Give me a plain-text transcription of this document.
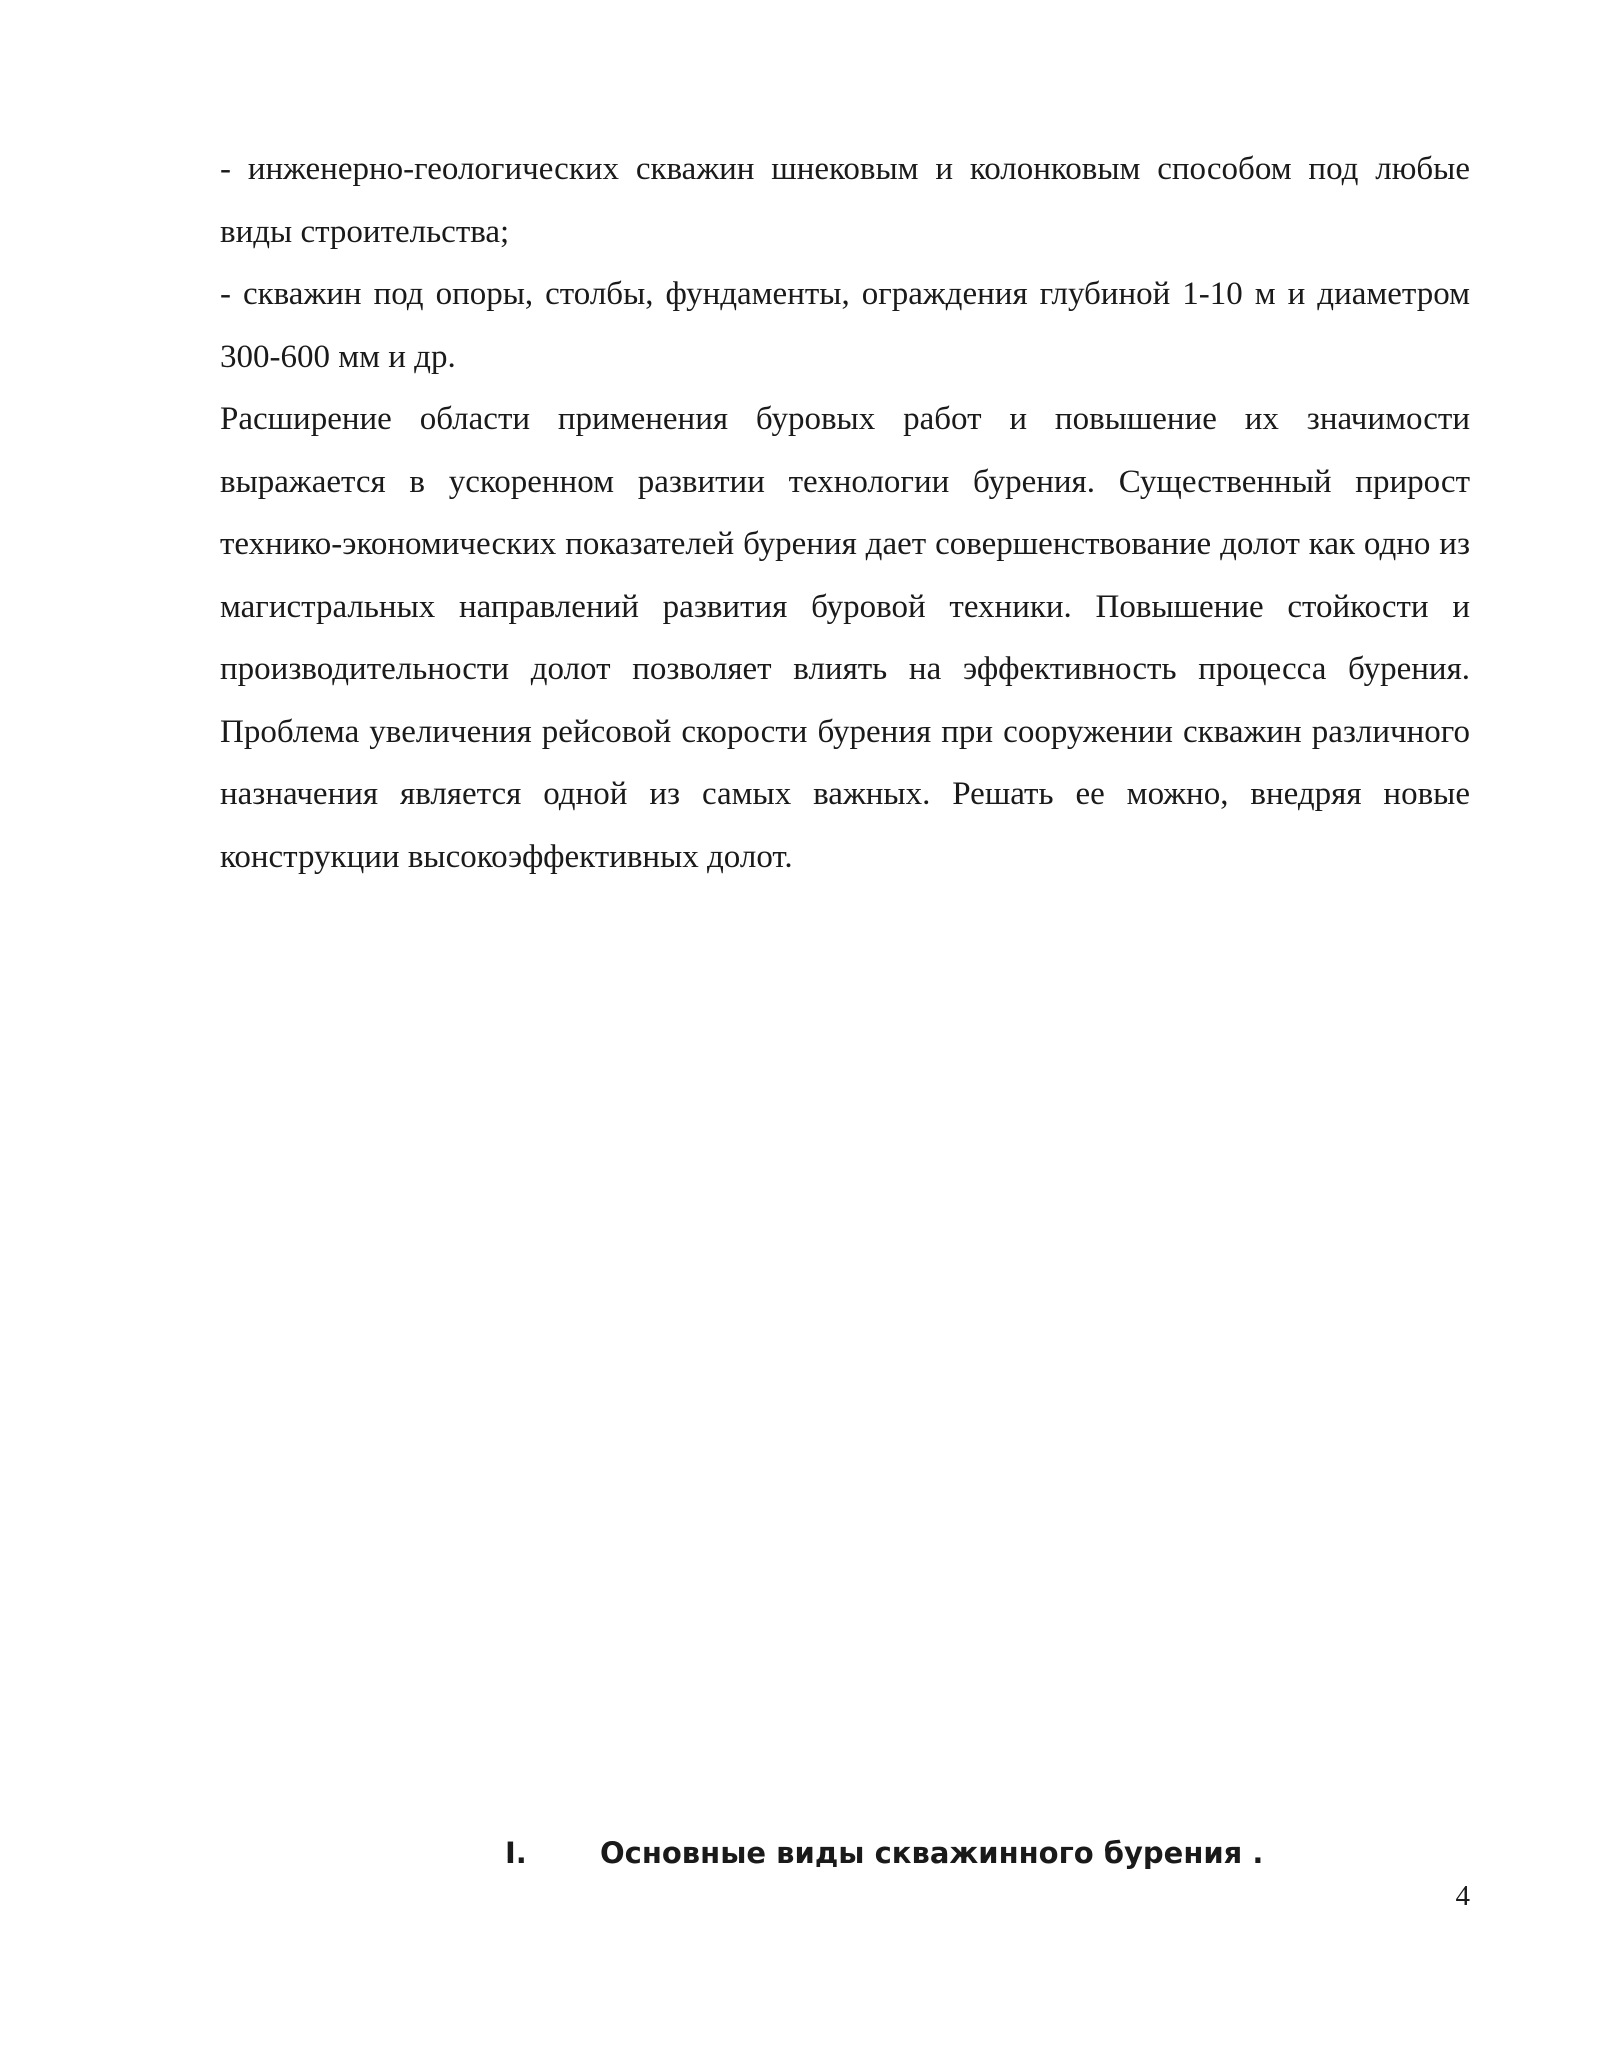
- инженерно-геологических скважин шнековым и колонковым способом под любые виды строительства;

- скважин под опоры, столбы, фундаменты, ограждения глубиной 1-10 м и диаметром 300-600 мм и др.

Расширение области применения буровых работ и повышение их значимости выражается в ускоренном развитии технологии бурения. Существенный прирост технико-экономических показателей бурения дает совершенствование долот как одно из магистральных направлений развития буровой техники. Повышение стойкости и производительности долот позволяет влиять на эффективность процесса бурения. Проблема увеличения рейсовой скорости бурения при сооружении скважин различного назначения является одной из самых важных. Решать ее можно, внедряя новые конструкции высокоэффективных долот.

I.	Основные виды скважинного бурения .
4
